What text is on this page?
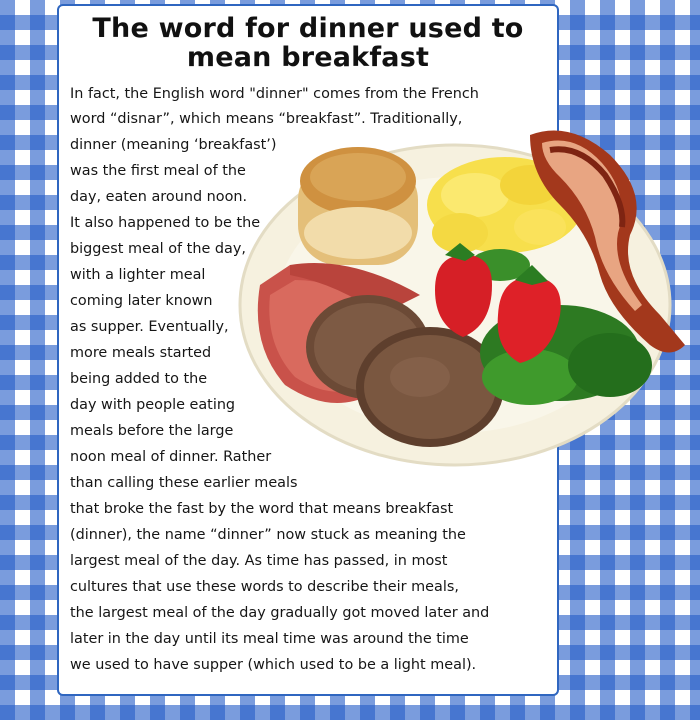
The word for dinner used to
mean breakfast
In fact, the English word "dinner" comes from the French
word “disnar”, which means “breakfast”. Traditionally,
dinner (meaning ‘breakfast’)
was the first meal of the
day, eaten around noon.
It also happened to be the
biggest meal of the day,
with a lighter meal
coming later known
as supper. Eventually,
more meals started
being added to the
day with people eating
meals before the large
noon meal of dinner. Rather
than calling these earlier meals
that broke the fast by the word that means breakfast
(dinner), the name “dinner” now stuck as meaning the
largest meal of the day. As time has passed, in most
cultures that use these words to describe their meals,
the largest meal of the day gradually got moved later and
later in the day until its meal time was around the time
we used to have supper (which used to be a light meal).
